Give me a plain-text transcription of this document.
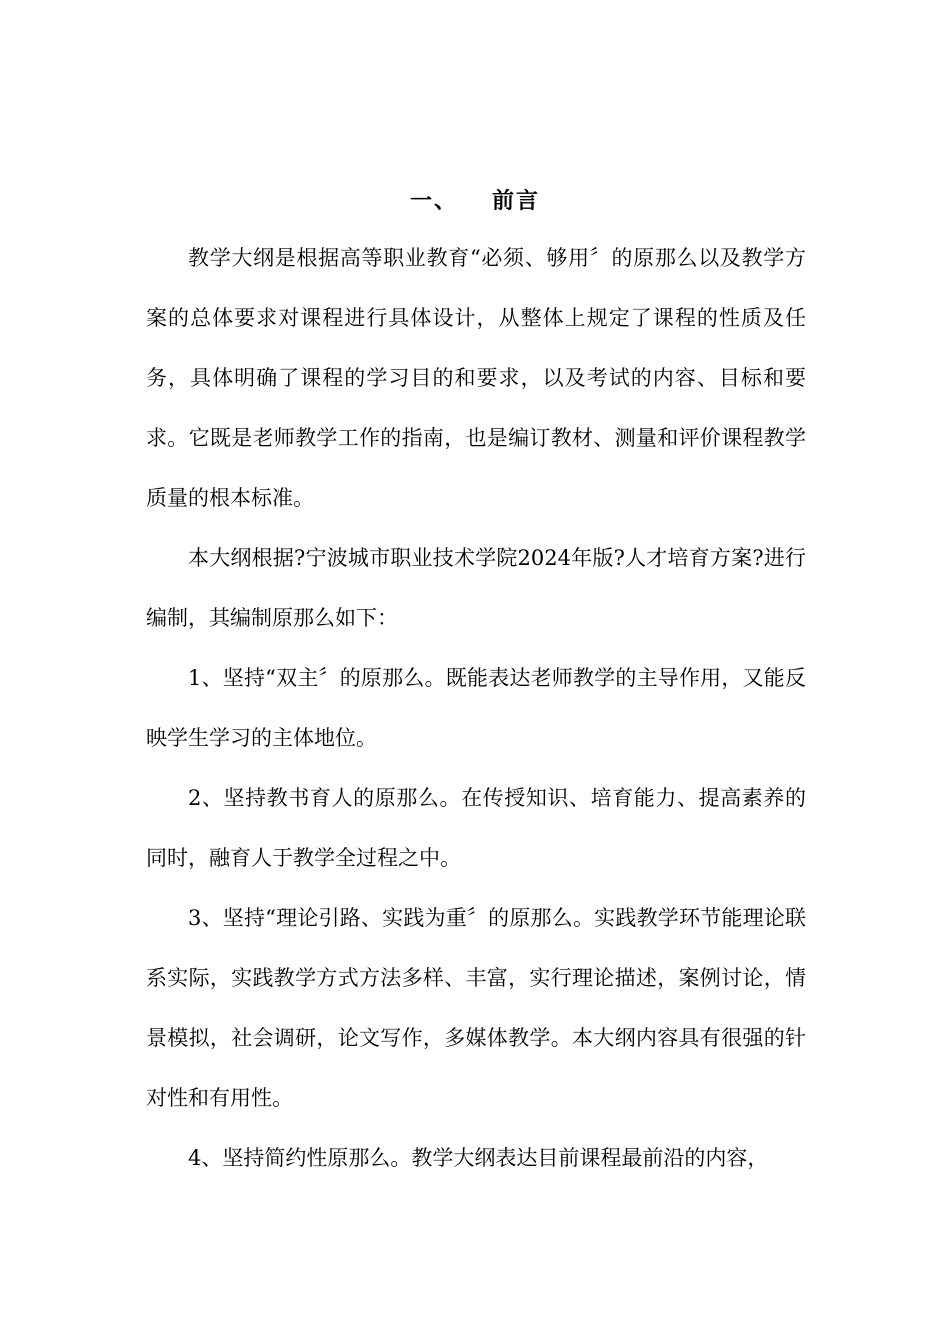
一、 前言

教学大纲是根据高等职业教育“必须、够用〞的原那么以及教学方案的总体要求对课程进行具体设计，从整体上规定了课程的性质及任务，具体明确了课程的学习目的和要求，以及考试的内容、目标和要求。它既是老师教学工作的指南，也是编订教材、测量和评价课程教学质量的根本标准。

本大纲根据?宁波城市职业技术学院2024年版?人才培育方案?进行编制，其编制原那么如下：

1、坚持“双主〞的原那么。既能表达老师教学的主导作用，又能反映学生学习的主体地位。

2、坚持教书育人的原那么。在传授知识、培育能力、提高素养的同时，融育人于教学全过程之中。

3、坚持“理论引路、实践为重〞的原那么。实践教学环节能理论联系实际，实践教学方式方法多样、丰富，实行理论描述，案例讨论，情景模拟，社会调研，论文写作，多媒体教学。本大纲内容具有很强的针对性和有用性。

4、坚持简约性原那么。教学大纲表达目前课程最前沿的内容，
